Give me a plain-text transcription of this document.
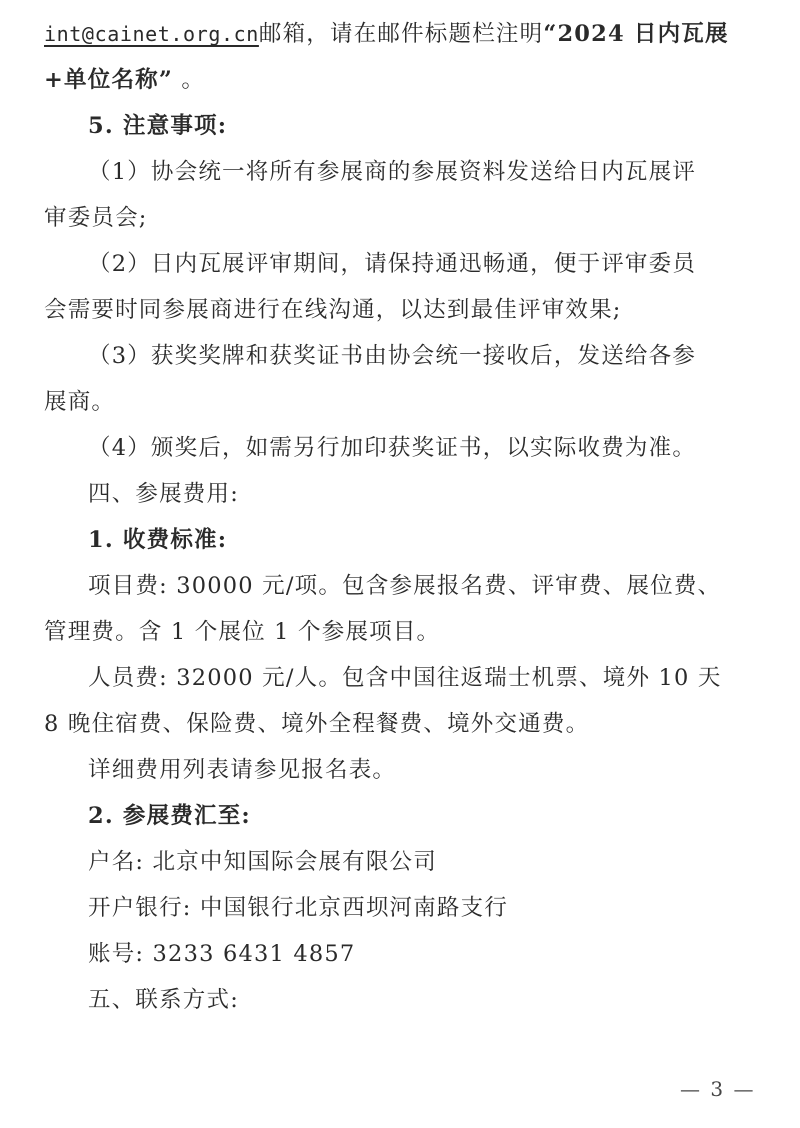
int@cainet.org.cn邮箱，请在邮件标题栏注明“2024 日内瓦展
+单位名称” 。
5. 注意事项:
（1）协会统一将所有参展商的参展资料发送给日内瓦展评
审委员会;
（2）日内瓦展评审期间，请保持通迅畅通，便于评审委员
会需要时同参展商进行在线沟通，以达到最佳评审效果;
（3）获奖奖牌和获奖证书由协会统一接收后，发送给各参
展商。
（4）颁奖后，如需另行加印获奖证书，以实际收费为准。
四、参展费用:
1. 收费标准:
项目费: 30000 元/项。包含参展报名费、评审费、展位费、
管理费。含 1 个展位 1 个参展项目。
人员费: 32000 元/人。包含中国往返瑞士机票、境外 10 天
8 晚住宿费、保险费、境外全程餐费、境外交通费。
详细费用列表请参见报名表。
2. 参展费汇至:
户名: 北京中知国际会展有限公司
开户银行: 中国银行北京西坝河南路支行
账号: 3233 6431 4857
五、联系方式:
— 3 —
